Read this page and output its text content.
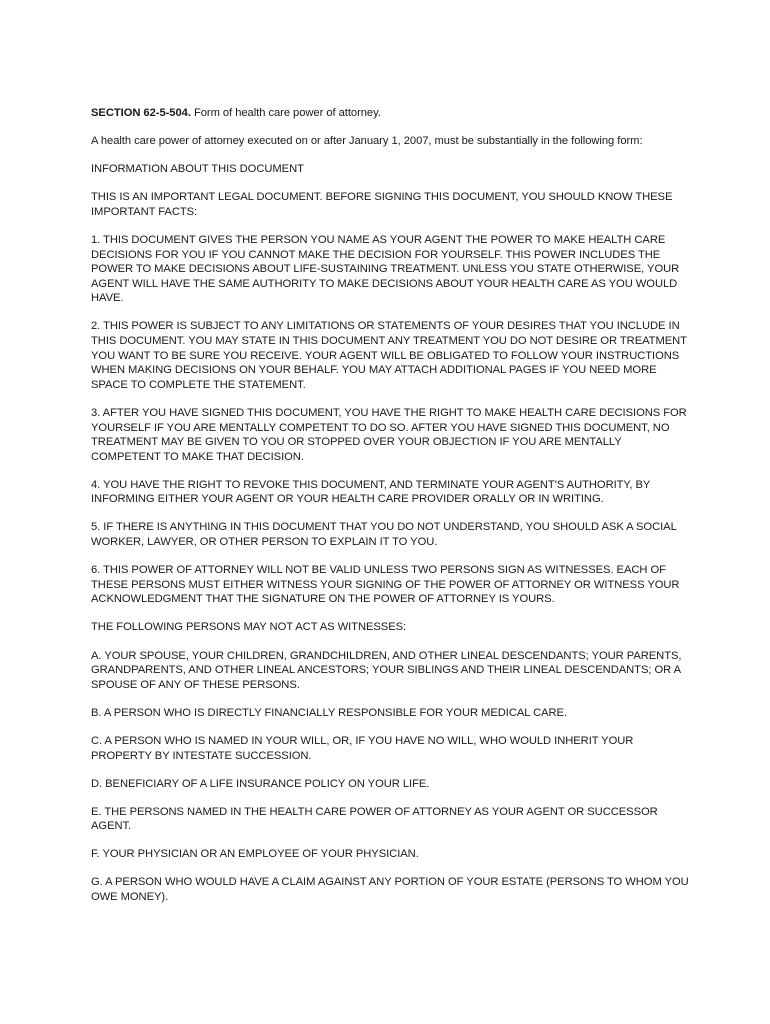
SECTION 62-5-504. Form of health care power of attorney.

A health care power of attorney executed on or after January 1, 2007, must be substantially in the following form:

INFORMATION ABOUT THIS DOCUMENT

THIS IS AN IMPORTANT LEGAL DOCUMENT. BEFORE SIGNING THIS DOCUMENT, YOU SHOULD KNOW THESE IMPORTANT FACTS:

1. THIS DOCUMENT GIVES THE PERSON YOU NAME AS YOUR AGENT THE POWER TO MAKE HEALTH CARE DECISIONS FOR YOU IF YOU CANNOT MAKE THE DECISION FOR YOURSELF. THIS POWER INCLUDES THE POWER TO MAKE DECISIONS ABOUT LIFE-SUSTAINING TREATMENT. UNLESS YOU STATE OTHERWISE, YOUR AGENT WILL HAVE THE SAME AUTHORITY TO MAKE DECISIONS ABOUT YOUR HEALTH CARE AS YOU WOULD HAVE.

2. THIS POWER IS SUBJECT TO ANY LIMITATIONS OR STATEMENTS OF YOUR DESIRES THAT YOU INCLUDE IN THIS DOCUMENT. YOU MAY STATE IN THIS DOCUMENT ANY TREATMENT YOU DO NOT DESIRE OR TREATMENT YOU WANT TO BE SURE YOU RECEIVE. YOUR AGENT WILL BE OBLIGATED TO FOLLOW YOUR INSTRUCTIONS WHEN MAKING DECISIONS ON YOUR BEHALF. YOU MAY ATTACH ADDITIONAL PAGES IF YOU NEED MORE SPACE TO COMPLETE THE STATEMENT.

3. AFTER YOU HAVE SIGNED THIS DOCUMENT, YOU HAVE THE RIGHT TO MAKE HEALTH CARE DECISIONS FOR YOURSELF IF YOU ARE MENTALLY COMPETENT TO DO SO. AFTER YOU HAVE SIGNED THIS DOCUMENT, NO TREATMENT MAY BE GIVEN TO YOU OR STOPPED OVER YOUR OBJECTION IF YOU ARE MENTALLY COMPETENT TO MAKE THAT DECISION.

4. YOU HAVE THE RIGHT TO REVOKE THIS DOCUMENT, AND TERMINATE YOUR AGENT'S AUTHORITY, BY INFORMING EITHER YOUR AGENT OR YOUR HEALTH CARE PROVIDER ORALLY OR IN WRITING.

5. IF THERE IS ANYTHING IN THIS DOCUMENT THAT YOU DO NOT UNDERSTAND, YOU SHOULD ASK A SOCIAL WORKER, LAWYER, OR OTHER PERSON TO EXPLAIN IT TO YOU.

6. THIS POWER OF ATTORNEY WILL NOT BE VALID UNLESS TWO PERSONS SIGN AS WITNESSES. EACH OF THESE PERSONS MUST EITHER WITNESS YOUR SIGNING OF THE POWER OF ATTORNEY OR WITNESS YOUR ACKNOWLEDGMENT THAT THE SIGNATURE ON THE POWER OF ATTORNEY IS YOURS.

THE FOLLOWING PERSONS MAY NOT ACT AS WITNESSES:

A. YOUR SPOUSE, YOUR CHILDREN, GRANDCHILDREN, AND OTHER LINEAL DESCENDANTS; YOUR PARENTS, GRANDPARENTS, AND OTHER LINEAL ANCESTORS; YOUR SIBLINGS AND THEIR LINEAL DESCENDANTS; OR A SPOUSE OF ANY OF THESE PERSONS.

B. A PERSON WHO IS DIRECTLY FINANCIALLY RESPONSIBLE FOR YOUR MEDICAL CARE.

C. A PERSON WHO IS NAMED IN YOUR WILL, OR, IF YOU HAVE NO WILL, WHO WOULD INHERIT YOUR PROPERTY BY INTESTATE SUCCESSION.

D. BENEFICIARY OF A LIFE INSURANCE POLICY ON YOUR LIFE.

E. THE PERSONS NAMED IN THE HEALTH CARE POWER OF ATTORNEY AS YOUR AGENT OR SUCCESSOR AGENT.

F. YOUR PHYSICIAN OR AN EMPLOYEE OF YOUR PHYSICIAN.

G. A PERSON WHO WOULD HAVE A CLAIM AGAINST ANY PORTION OF YOUR ESTATE (PERSONS TO WHOM YOU OWE MONEY).
